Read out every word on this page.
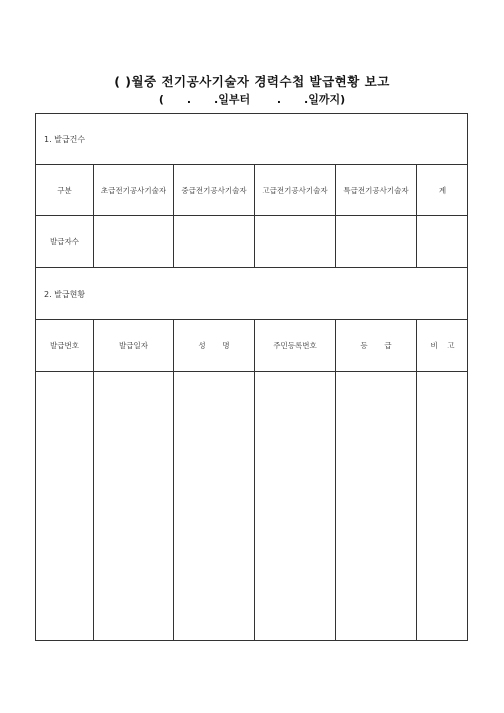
( )월중 전기공사기술자 경력수첩 발급현황 보고
(      .      .일부터       .      .일까지)
1. 발급건수
구분	초급전기공사기술자	중급전기공사기술자	고급전기공사기술자	특급전기공사기술자	계
발급자수
2. 발급현황
발급번호	발급일자	성       명	주민등록번호	등       급	비    고
